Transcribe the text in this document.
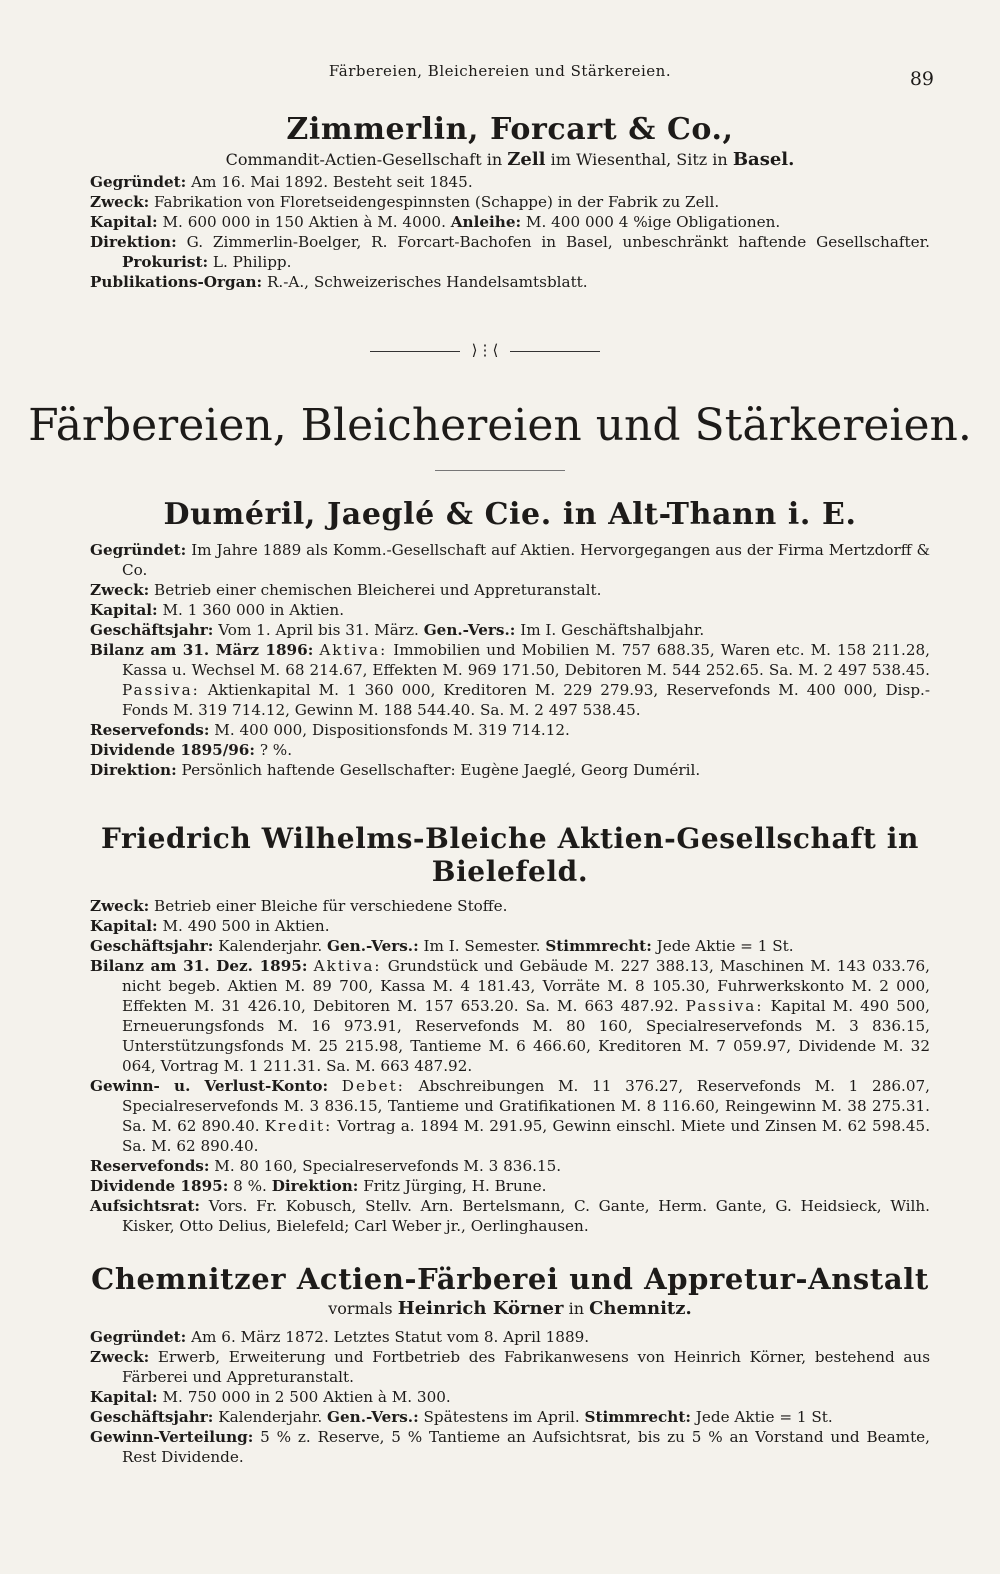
Färbereien, Bleichereien und Stärkereien.	89
Zimmerlin, Forcart & Co.,
Commandit-Actien-Gesellschaft in Zell im Wiesenthal, Sitz in Basel.

Gegründet: Am 16. Mai 1892. Besteht seit 1845.

Zweck: Fabrikation von Floretseidengespinnsten (Schappe) in der Fabrik zu Zell.

Kapital: M. 600 000 in 150 Aktien à M. 4000. Anleihe: M. 400 000 4 %ige Obligationen.

Direktion: G. Zimmerlin-Boelger, R. Forcart-Bachofen in Basel, unbeschränkt haftende Gesellschafter. Prokurist: L. Philipp.

Publikations-Organ: R.-A., Schweizerisches Handelsamtsblatt.

⟩⋮⟨
Färbereien, Bleichereien und Stärkereien.
Duméril, Jaeglé & Cie. in Alt-Thann i. E.

Gegründet: Im Jahre 1889 als Komm.-Gesellschaft auf Aktien. Hervorgegangen aus der Firma Mertzdorff & Co.

Zweck: Betrieb einer chemischen Bleicherei und Appreturanstalt.

Kapital: M. 1 360 000 in Aktien.

Geschäftsjahr: Vom 1. April bis 31. März. Gen.-Vers.: Im I. Geschäftshalbjahr.

Bilanz am 31. März 1896: Aktiva: Immobilien und Mobilien M. 757 688.35, Waren etc. M. 158 211.28, Kassa u. Wechsel M. 68 214.67, Effekten M. 969 171.50, Debitoren M. 544 252.65. Sa. M. 2 497 538.45. Passiva: Aktienkapital M. 1 360 000, Kreditoren M. 229 279.93, Reservefonds M. 400 000, Disp.-Fonds M. 319 714.12, Gewinn M. 188 544.40. Sa. M. 2 497 538.45.

Reservefonds: M. 400 000, Dispositionsfonds M. 319 714.12.

Dividende 1895/96: ? %.

Direktion: Persönlich haftende Gesellschafter: Eugène Jaeglé, Georg Duméril.

Friedrich Wilhelms-Bleiche Aktien-Gesellschaft in Bielefeld.

Zweck: Betrieb einer Bleiche für verschiedene Stoffe.

Kapital: M. 490 500 in Aktien.

Geschäftsjahr: Kalenderjahr. Gen.-Vers.: Im I. Semester. Stimmrecht: Jede Aktie = 1 St.

Bilanz am 31. Dez. 1895: Aktiva: Grundstück und Gebäude M. 227 388.13, Maschinen M. 143 033.76, nicht begeb. Aktien M. 89 700, Kassa M. 4 181.43, Vorräte M. 8 105.30, Fuhrwerkskonto M. 2 000, Effekten M. 31 426.10, Debitoren M. 157 653.20. Sa. M. 663 487.92. Passiva: Kapital M. 490 500, Erneuerungsfonds M. 16 973.91, Reservefonds M. 80 160, Specialreservefonds M. 3 836.15, Unterstützungsfonds M. 25 215.98, Tantieme M. 6 466.60, Kreditoren M. 7 059.97, Dividende M. 32 064, Vortrag M. 1 211.31. Sa. M. 663 487.92.

Gewinn- u. Verlust-Konto: Debet: Abschreibungen M. 11 376.27, Reservefonds M. 1 286.07, Specialreservefonds M. 3 836.15, Tantieme und Gratifikationen M. 8 116.60, Reingewinn M. 38 275.31. Sa. M. 62 890.40. Kredit: Vortrag a. 1894 M. 291.95, Gewinn einschl. Miete und Zinsen M. 62 598.45. Sa. M. 62 890.40.

Reservefonds: M. 80 160, Specialreservefonds M. 3 836.15.

Dividende 1895: 8 %. Direktion: Fritz Jürging, H. Brune.

Aufsichtsrat: Vors. Fr. Kobusch, Stellv. Arn. Bertelsmann, C. Gante, Herm. Gante, G. Heidsieck, Wilh. Kisker, Otto Delius, Bielefeld; Carl Weber jr., Oerlinghausen.

Chemnitzer Actien-Färberei und Appretur-Anstalt
vormals Heinrich Körner in Chemnitz.

Gegründet: Am 6. März 1872. Letztes Statut vom 8. April 1889.

Zweck: Erwerb, Erweiterung und Fortbetrieb des Fabrikanwesens von Heinrich Körner, bestehend aus Färberei und Appreturanstalt.

Kapital: M. 750 000 in 2 500 Aktien à M. 300.

Geschäftsjahr: Kalenderjahr. Gen.-Vers.: Spätestens im April. Stimmrecht: Jede Aktie = 1 St.

Gewinn-Verteilung: 5 % z. Reserve, 5 % Tantieme an Aufsichtsrat, bis zu 5 % an Vorstand und Beamte, Rest Dividende.
